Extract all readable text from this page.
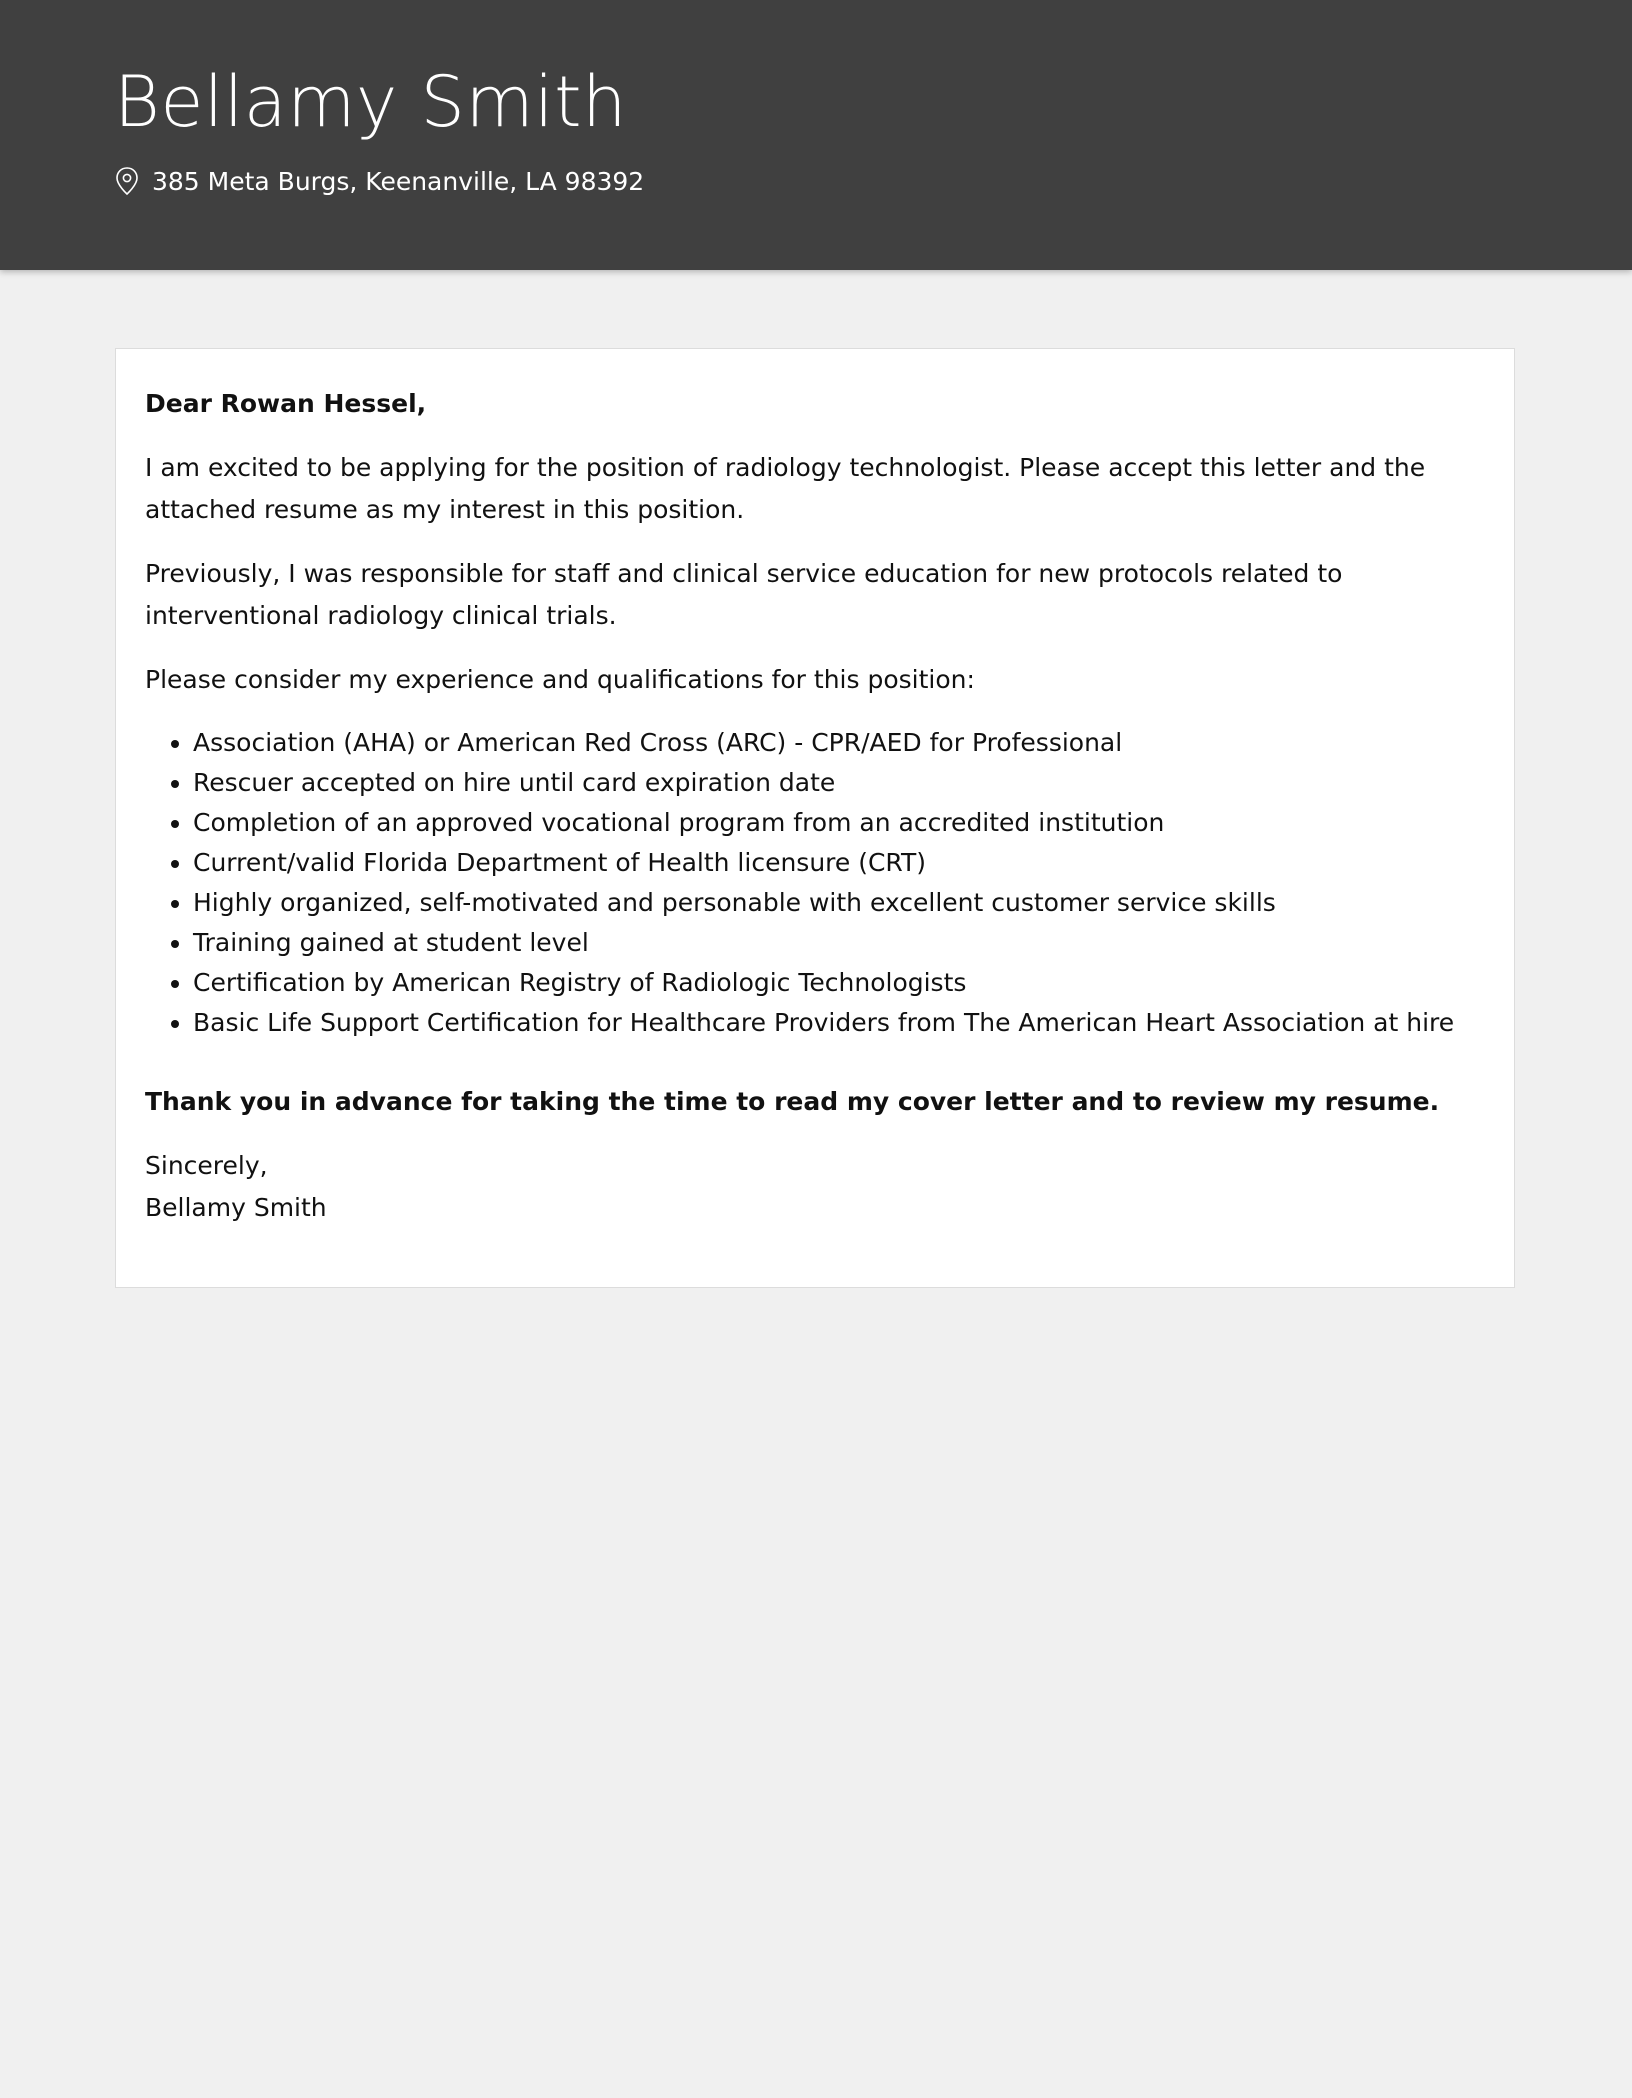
Bellamy Smith
385 Meta Burgs, Keenanville, LA 98392

Dear Rowan Hessel,

I am excited to be applying for the position of radiology technologist. Please accept this letter and the attached resume as my interest in this position.

Previously, I was responsible for staff and clinical service education for new protocols related to interventional radiology clinical trials.

Please consider my experience and qualifications for this position:

• Association (AHA) or American Red Cross (ARC) - CPR/AED for Professional
• Rescuer accepted on hire until card expiration date
• Completion of an approved vocational program from an accredited institution
• Current/valid Florida Department of Health licensure (CRT)
• Highly organized, self-motivated and personable with excellent customer service skills
• Training gained at student level
• Certification by American Registry of Radiologic Technologists
• Basic Life Support Certification for Healthcare Providers from The American Heart Association at hire

Thank you in advance for taking the time to read my cover letter and to review my resume.

Sincerely,
Bellamy Smith
